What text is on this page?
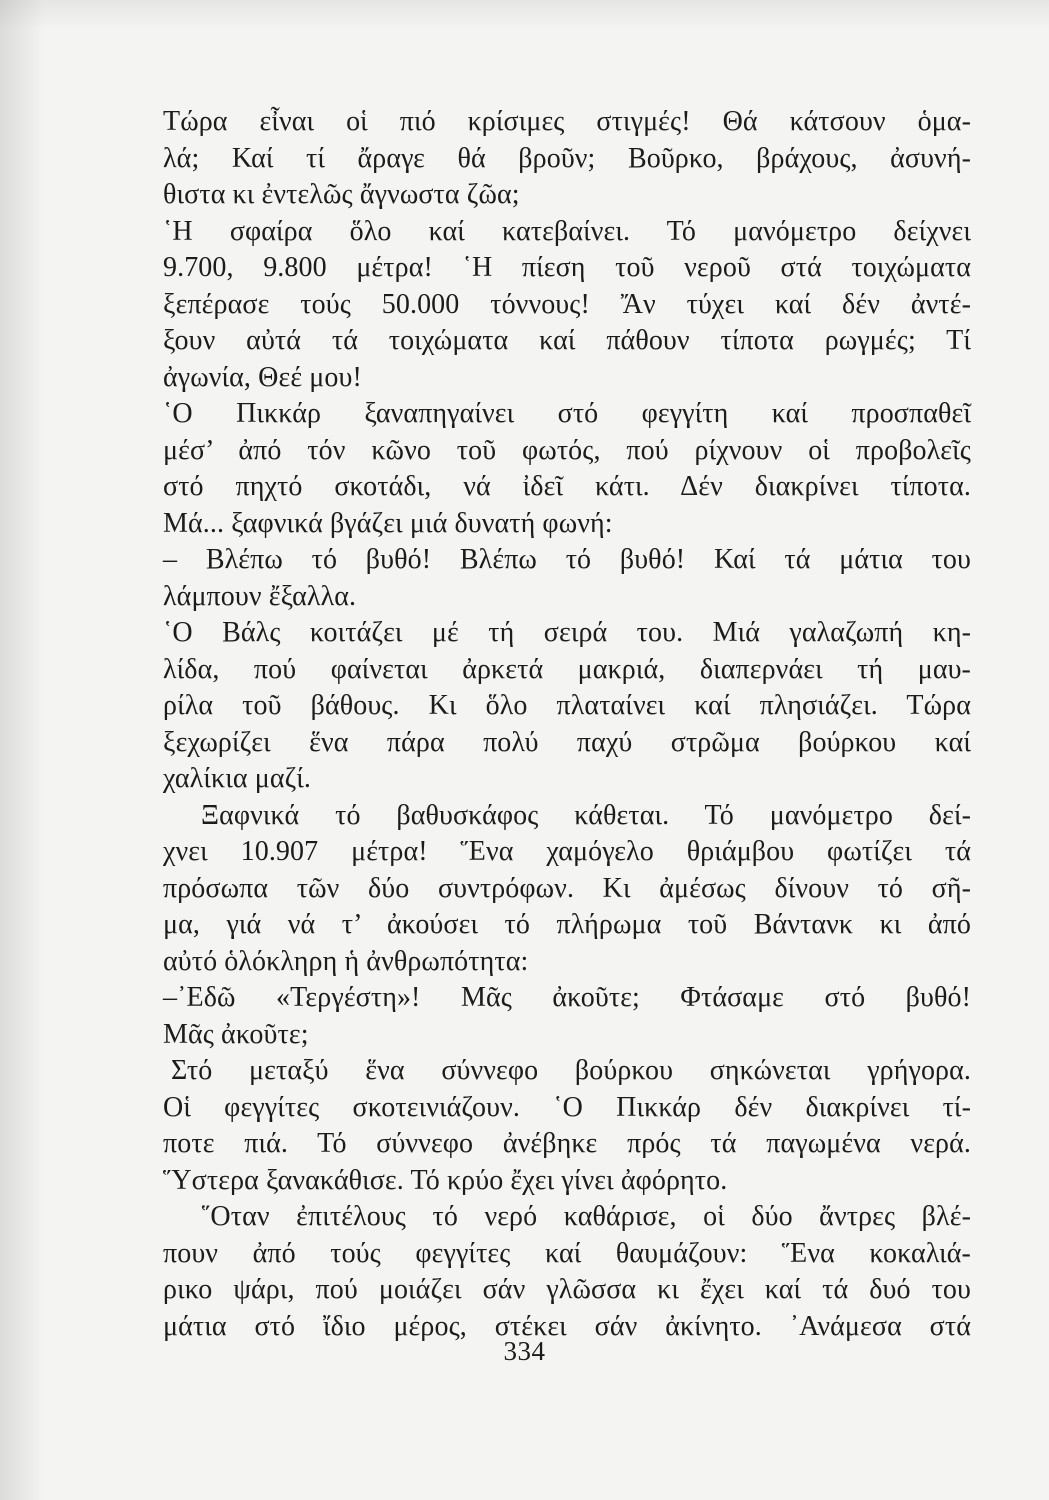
Τώρα εἶναι οἱ πιό κρίσιμες στιγμές! Θά κάτσουν ὁμα-
λά; Καί τί ἄραγε θά βροῦν; Βοῦρκο, βράχους, ἀσυνή-
θιστα κι ἐντελῶς ἄγνωστα ζῶα;
῾Η σφαίρα ὅλο καί κατεβαίνει. Τό μανόμετρο δείχνει
9.700, 9.800 μέτρα! ῾Η πίεση τοῦ νεροῦ στά τοιχώματα
ξεπέρασε τούς 50.000 τόννους! Ἄν τύχει καί δέν ἀντέ-
ξουν αὐτά τά τοιχώματα καί πάθουν τίποτα ρωγμές; Τί
ἀγωνία, Θεέ μου!
῾Ο Πικκάρ ξαναπηγαίνει στό φεγγίτη καί προσπαθεῖ
μέσ’ ἀπό τόν κῶνο τοῦ φωτός, πού ρίχνουν οἱ προβολεῖς
στό πηχτό σκοτάδι, νά ἰδεῖ κάτι. Δέν διακρίνει τίποτα.
Μά... ξαφνικά βγάζει μιά δυνατή φωνή:
– Βλέπω τό βυθό! Βλέπω τό βυθό! Καί τά μάτια του
λάμπουν ἔξαλλα.
῾Ο Βάλς κοιτάζει μέ τή σειρά του. Μιά γαλαζωπή κη-
λίδα, πού φαίνεται ἀρκετά μακριά, διαπερνάει τή μαυ-
ρίλα τοῦ βάθους. Κι ὅλο πλαταίνει καί πλησιάζει. Τώρα
ξεχωρίζει ἕνα πάρα πολύ παχύ στρῶμα βούρκου καί
χαλίκια μαζί.
Ξαφνικά τό βαθυσκάφος κάθεται. Τό μανόμετρο δεί-
χνει 10.907 μέτρα! Ἕνα χαμόγελο θριάμβου φωτίζει τά
πρόσωπα τῶν δύο συντρόφων. Κι ἀμέσως δίνουν τό σῆ-
μα, γιά νά τ’ ἀκούσει τό πλήρωμα τοῦ Βάντανκ κι ἀπό
αὐτό ὁλόκληρη ἡ ἀνθρωπότητα:
–᾿Εδῶ «Τεργέστη»! Μᾶς ἀκοῦτε; Φτάσαμε στό βυθό!
Μᾶς ἀκοῦτε;
Στό μεταξύ ἕνα σύννεφο βούρκου σηκώνεται γρήγορα.
Οἱ φεγγίτες σκοτεινιάζουν. ῾Ο Πικκάρ δέν διακρίνει τί-
ποτε πιά. Τό σύννεφο ἀνέβηκε πρός τά παγωμένα νερά.
Ὕστερα ξανακάθισε. Τό κρύο ἔχει γίνει ἀφόρητο.
῞Οταν ἐπιτέλους τό νερό καθάρισε, οἱ δύο ἄντρες βλέ-
πουν ἀπό τούς φεγγίτες καί θαυμάζουν: Ἕνα κοκαλιά-
ρικο ψάρι, πού μοιάζει σάν γλῶσσα κι ἔχει καί τά δυό του
μάτια στό ἴδιο μέρος, στέκει σάν ἀκίνητο. ᾿Ανάμεσα στά
334
